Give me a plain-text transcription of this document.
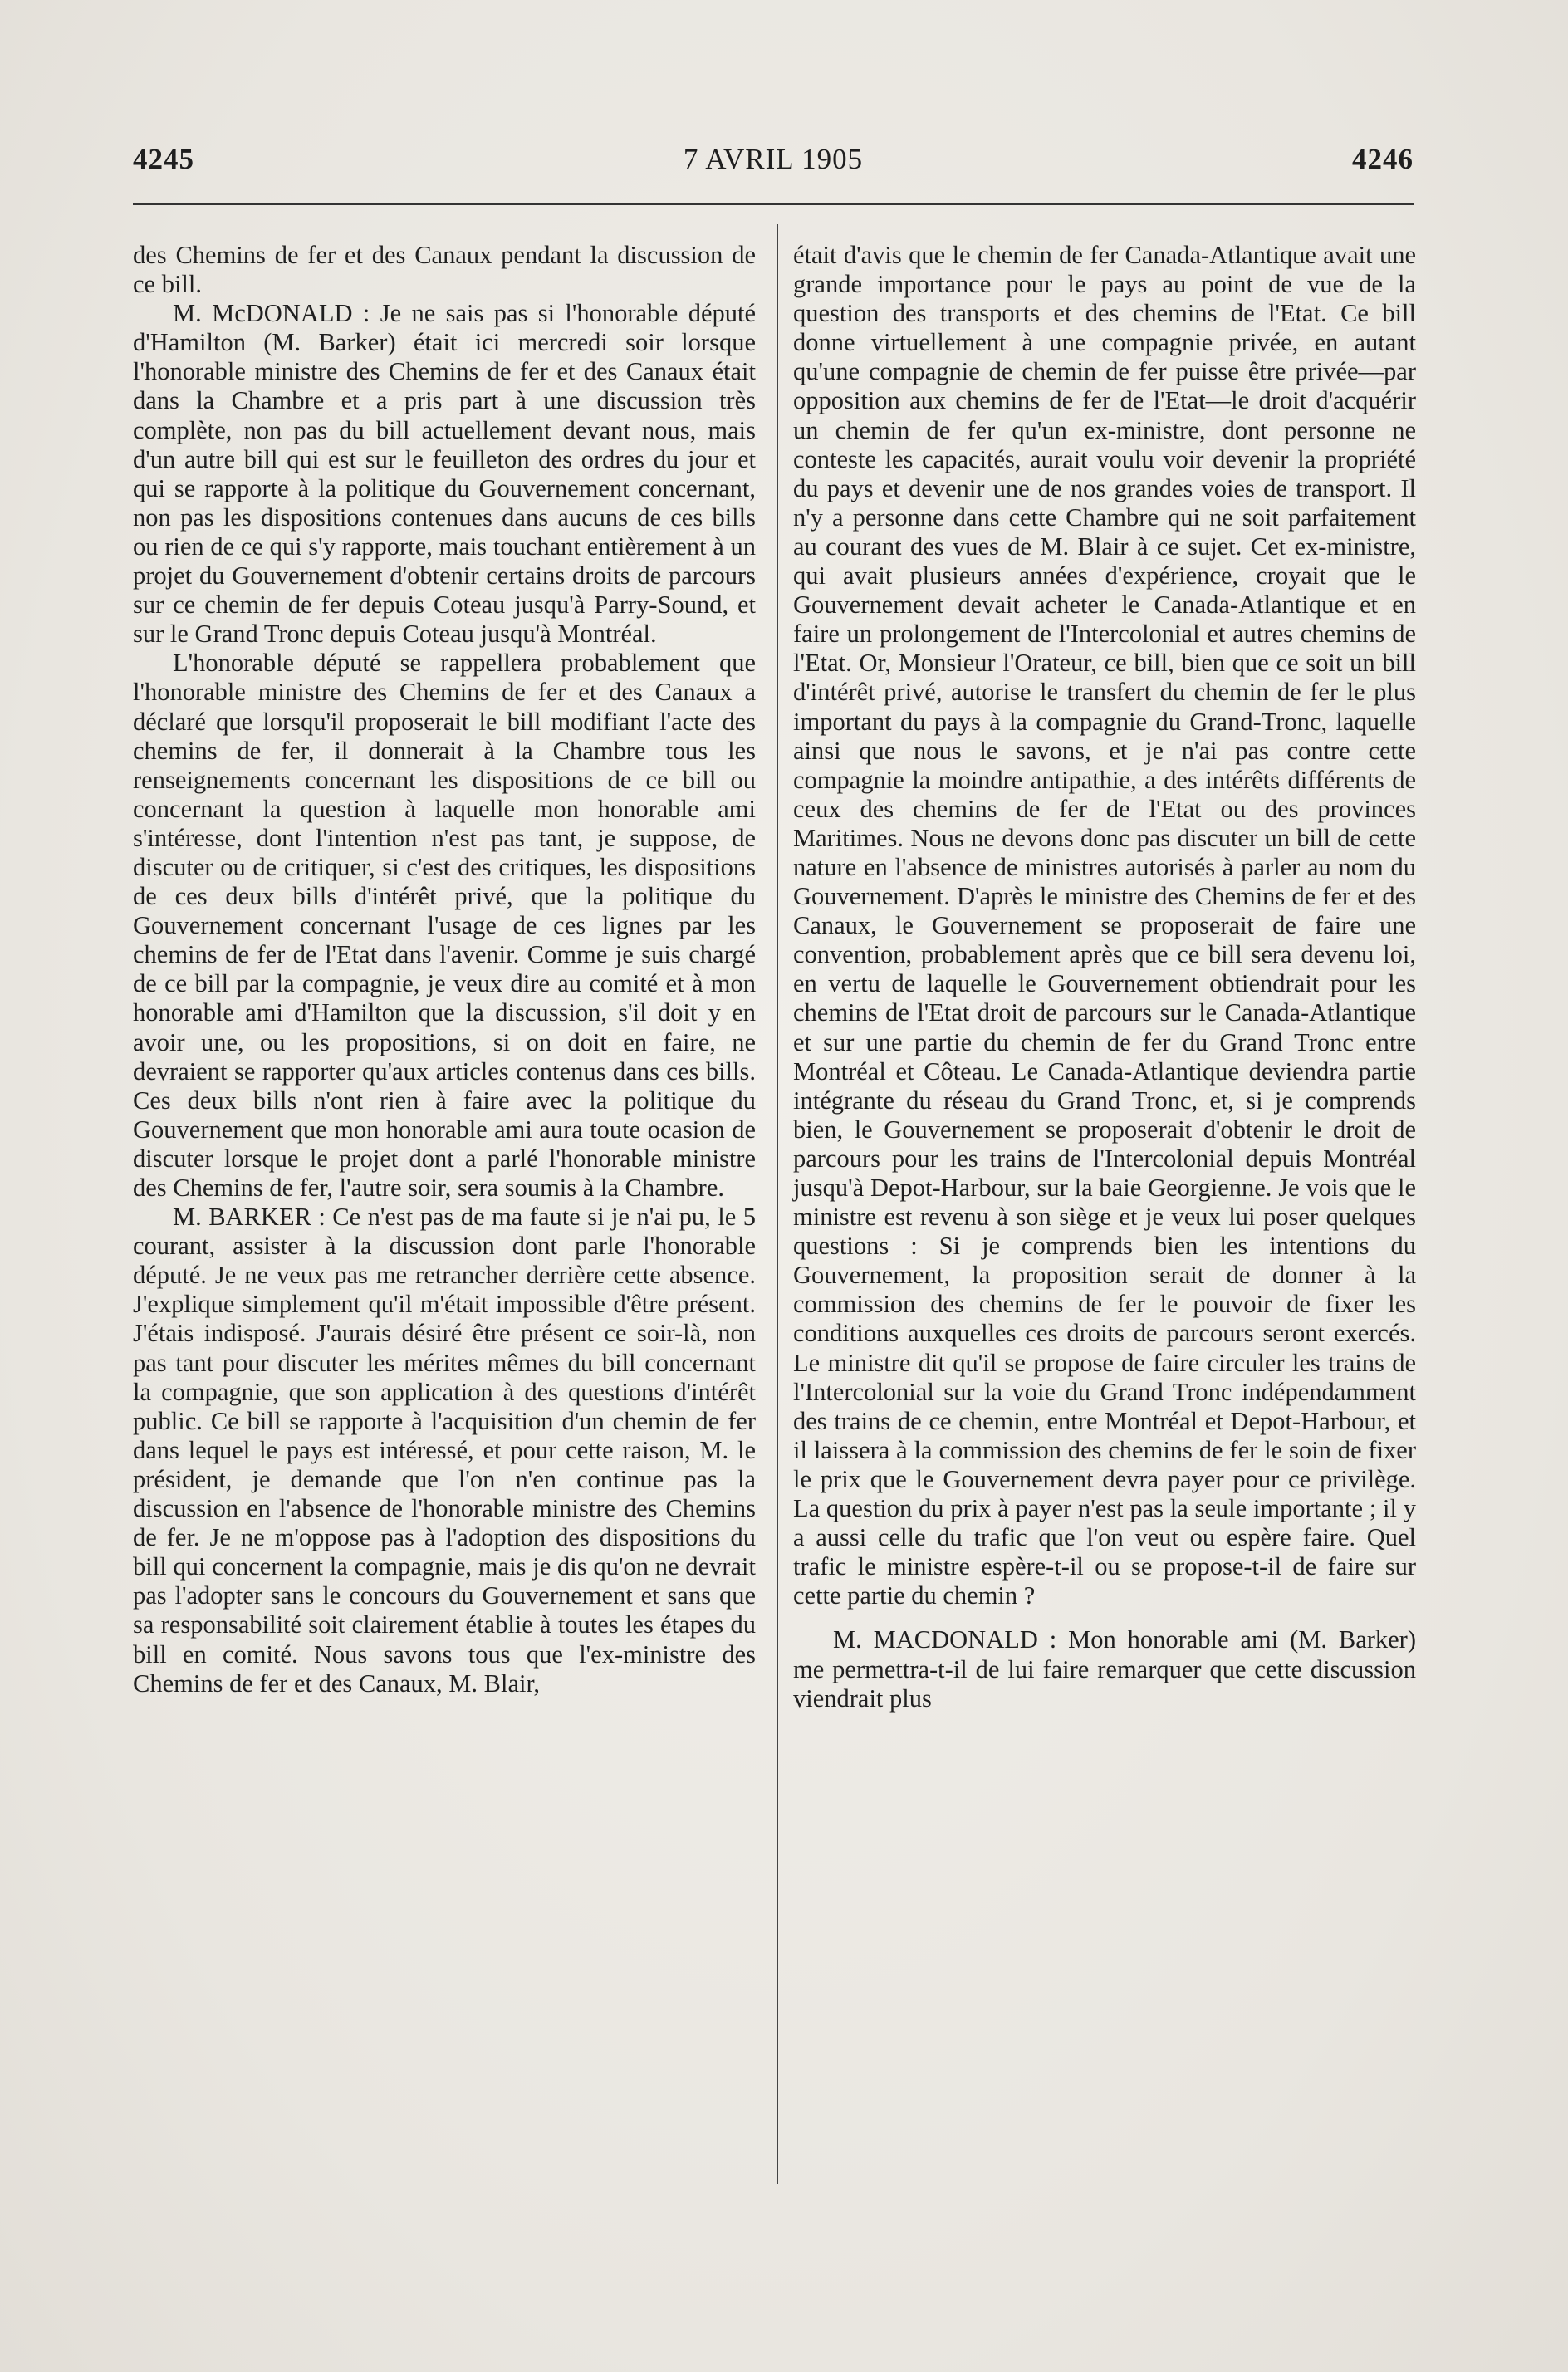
4245	7 AVRIL 1905	4246

des Chemins de fer et des Canaux pendant la discussion de ce bill.

M. McDONALD : Je ne sais pas si l'honorable député d'Hamilton (M. Barker) était ici mercredi soir lorsque l'honorable ministre des Chemins de fer et des Canaux était dans la Chambre et a pris part à une discussion très complète, non pas du bill actuellement devant nous, mais d'un autre bill qui est sur le feuilleton des ordres du jour et qui se rapporte à la politique du Gouvernement concernant, non pas les dispositions contenues dans aucuns de ces bills ou rien de ce qui s'y rapporte, mais touchant entièrement à un projet du Gouvernement d'obtenir certains droits de parcours sur ce chemin de fer depuis Coteau jusqu'à Parry-Sound, et sur le Grand Tronc depuis Coteau jusqu'à Montréal.

L'honorable député se rappellera probablement que l'honorable ministre des Chemins de fer et des Canaux a déclaré que lorsqu'il proposerait le bill modifiant l'acte des chemins de fer, il donnerait à la Chambre tous les renseignements concernant les dispositions de ce bill ou concernant la question à laquelle mon honorable ami s'intéresse, dont l'intention n'est pas tant, je suppose, de discuter ou de critiquer, si c'est des critiques, les dispositions de ces deux bills d'intérêt privé, que la politique du Gouvernement concernant l'usage de ces lignes par les chemins de fer de l'Etat dans l'avenir. Comme je suis chargé de ce bill par la compagnie, je veux dire au comité et à mon honorable ami d'Hamilton que la discussion, s'il doit y en avoir une, ou les propositions, si on doit en faire, ne devraient se rapporter qu'aux articles contenus dans ces bills. Ces deux bills n'ont rien à faire avec la politique du Gouvernement que mon honorable ami aura toute ocasion de discuter lorsque le projet dont a parlé l'honorable ministre des Chemins de fer, l'autre soir, sera soumis à la Chambre.

M. BARKER : Ce n'est pas de ma faute si je n'ai pu, le 5 courant, assister à la discussion dont parle l'honorable député. Je ne veux pas me retrancher derrière cette absence. J'explique simplement qu'il m'était impossible d'être présent. J'étais indisposé. J'aurais désiré être présent ce soir-là, non pas tant pour discuter les mérites mêmes du bill concernant la compagnie, que son application à des questions d'intérêt public. Ce bill se rapporte à l'acquisition d'un chemin de fer dans lequel le pays est intéressé, et pour cette raison, M. le président, je demande que l'on n'en continue pas la discussion en l'absence de l'honorable ministre des Chemins de fer. Je ne m'oppose pas à l'adoption des dispositions du bill qui concernent la compagnie, mais je dis qu'on ne devrait pas l'adopter sans le concours du Gouvernement et sans que sa responsabilité soit clairement établie à toutes les étapes du bill en comité. Nous savons tous que l'ex-ministre des Chemins de fer et des Canaux, M. Blair,

était d'avis que le chemin de fer Canada-Atlantique avait une grande importance pour le pays au point de vue de la question des transports et des chemins de l'Etat. Ce bill donne virtuellement à une compagnie privée, en autant qu'une compagnie de chemin de fer puisse être privée—par opposition aux chemins de fer de l'Etat—le droit d'acquérir un chemin de fer qu'un ex-ministre, dont personne ne conteste les capacités, aurait voulu voir devenir la propriété du pays et devenir une de nos grandes voies de transport. Il n'y a personne dans cette Chambre qui ne soit parfaitement au courant des vues de M. Blair à ce sujet. Cet ex-ministre, qui avait plusieurs années d'expérience, croyait que le Gouvernement devait acheter le Canada-Atlantique et en faire un prolongement de l'Intercolonial et autres chemins de l'Etat. Or, Monsieur l'Orateur, ce bill, bien que ce soit un bill d'intérêt privé, autorise le transfert du chemin de fer le plus important du pays à la compagnie du Grand-Tronc, laquelle ainsi que nous le savons, et je n'ai pas contre cette compagnie la moindre antipathie, a des intérêts différents de ceux des chemins de fer de l'Etat ou des provinces Maritimes. Nous ne devons donc pas discuter un bill de cette nature en l'absence de ministres autorisés à parler au nom du Gouvernement. D'après le ministre des Chemins de fer et des Canaux, le Gouvernement se proposerait de faire une convention, probablement après que ce bill sera devenu loi, en vertu de laquelle le Gouvernement obtiendrait pour les chemins de l'Etat droit de parcours sur le Canada-Atlantique et sur une partie du chemin de fer du Grand Tronc entre Montréal et Côteau. Le Canada-Atlantique deviendra partie intégrante du réseau du Grand Tronc, et, si je comprends bien, le Gouvernement se proposerait d'obtenir le droit de parcours pour les trains de l'Intercolonial depuis Montréal jusqu'à Depot-Harbour, sur la baie Georgienne. Je vois que le ministre est revenu à son siège et je veux lui poser quelques questions : Si je comprends bien les intentions du Gouvernement, la proposition serait de donner à la commission des chemins de fer le pouvoir de fixer les conditions auxquelles ces droits de parcours seront exercés. Le ministre dit qu'il se propose de faire circuler les trains de l'Intercolonial sur la voie du Grand Tronc indépendamment des trains de ce chemin, entre Montréal et Depot-Harbour, et il laissera à la commission des chemins de fer le soin de fixer le prix que le Gouvernement devra payer pour ce privilège. La question du prix à payer n'est pas la seule importante ; il y a aussi celle du trafic que l'on veut ou espère faire. Quel trafic le ministre espère-t-il ou se propose-t-il de faire sur cette partie du chemin ?

M. MACDONALD : Mon honorable ami (M. Barker) me permettra-t-il de lui faire remarquer que cette discussion viendrait plus
